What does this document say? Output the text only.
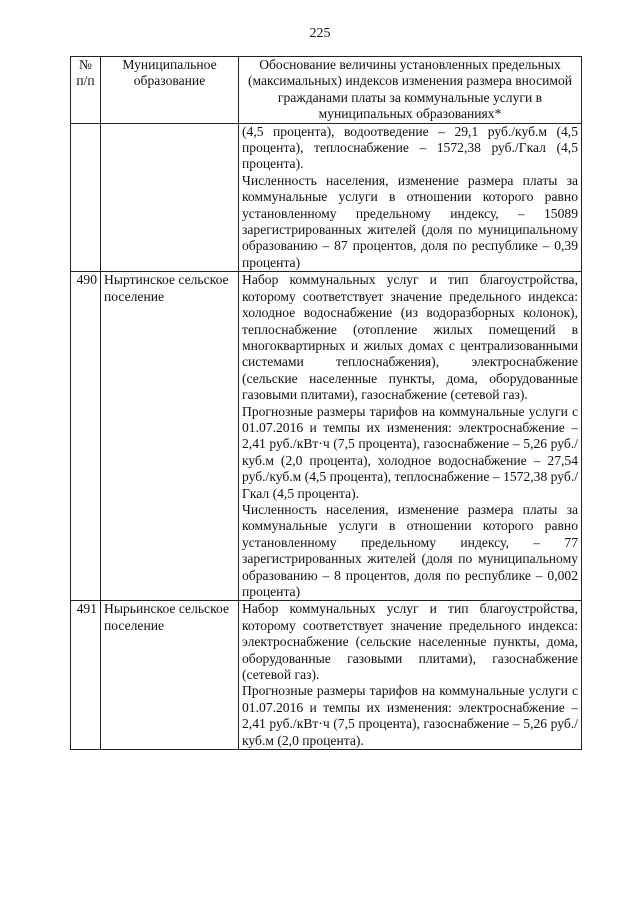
225
№ п/п	Муниципальное образование	Обоснование величины установленных предельных (максимальных) индексов изменения размера вносимой гражданами платы за коммунальные услуги в муниципальных образованиях*

		(4,5 процента), водоотведение – 29,1 руб./куб.м (4,5 процента), теплоснабжение – 1572,38 руб./Гкал (4,5 процента).

Численность населения, изменение размера платы за коммунальные услуги в отношении которого равно установленному предельному индексу, – 15089 зарегистрированных жителей (доля по муниципальному образованию – 87 процентов, доля по республике – 0,39 процента)

490	Ныртинское сельское поселение	Набор коммунальных услуг и тип благоустройства, которому соответствует значение предельного индекса: холодное водоснабжение (из водоразборных колонок), теплоснабжение (отопление жилых помещений в многоквартирных и жилых домах с централизованными системами теплоснабжения), электроснабжение (сельские населенные пункты, дома, оборудованные газовыми плитами), газоснабжение (сетевой газ).

Прогнозные размеры тарифов на коммунальные услуги с 01.07.2016 и темпы их изменения: электроснабжение – 2,41 руб./кВт·ч (7,5 процента), газоснабжение – 5,26 руб./куб.м (2,0 процента), холодное водоснабжение – 27,54 руб./куб.м (4,5 процента), теплоснабжение – 1572,38 руб./Гкал (4,5 процента).

Численность населения, изменение размера платы за коммунальные услуги в отношении которого равно установленному предельному индексу, – 77 зарегистрированных жителей (доля по муниципальному образованию – 8 процентов, доля по республике – 0,002 процента)

491	Нырьинское сельское поселение	Набор коммунальных услуг и тип благоустройства, которому соответствует значение предельного индекса: электроснабжение (сельские населенные пункты, дома, оборудованные газовыми плитами), газоснабжение (сетевой газ).

Прогнозные размеры тарифов на коммунальные услуги с 01.07.2016 и темпы их изменения: электроснабжение – 2,41 руб./кВт·ч (7,5 процента), газоснабжение – 5,26 руб./куб.м (2,0 процента).
